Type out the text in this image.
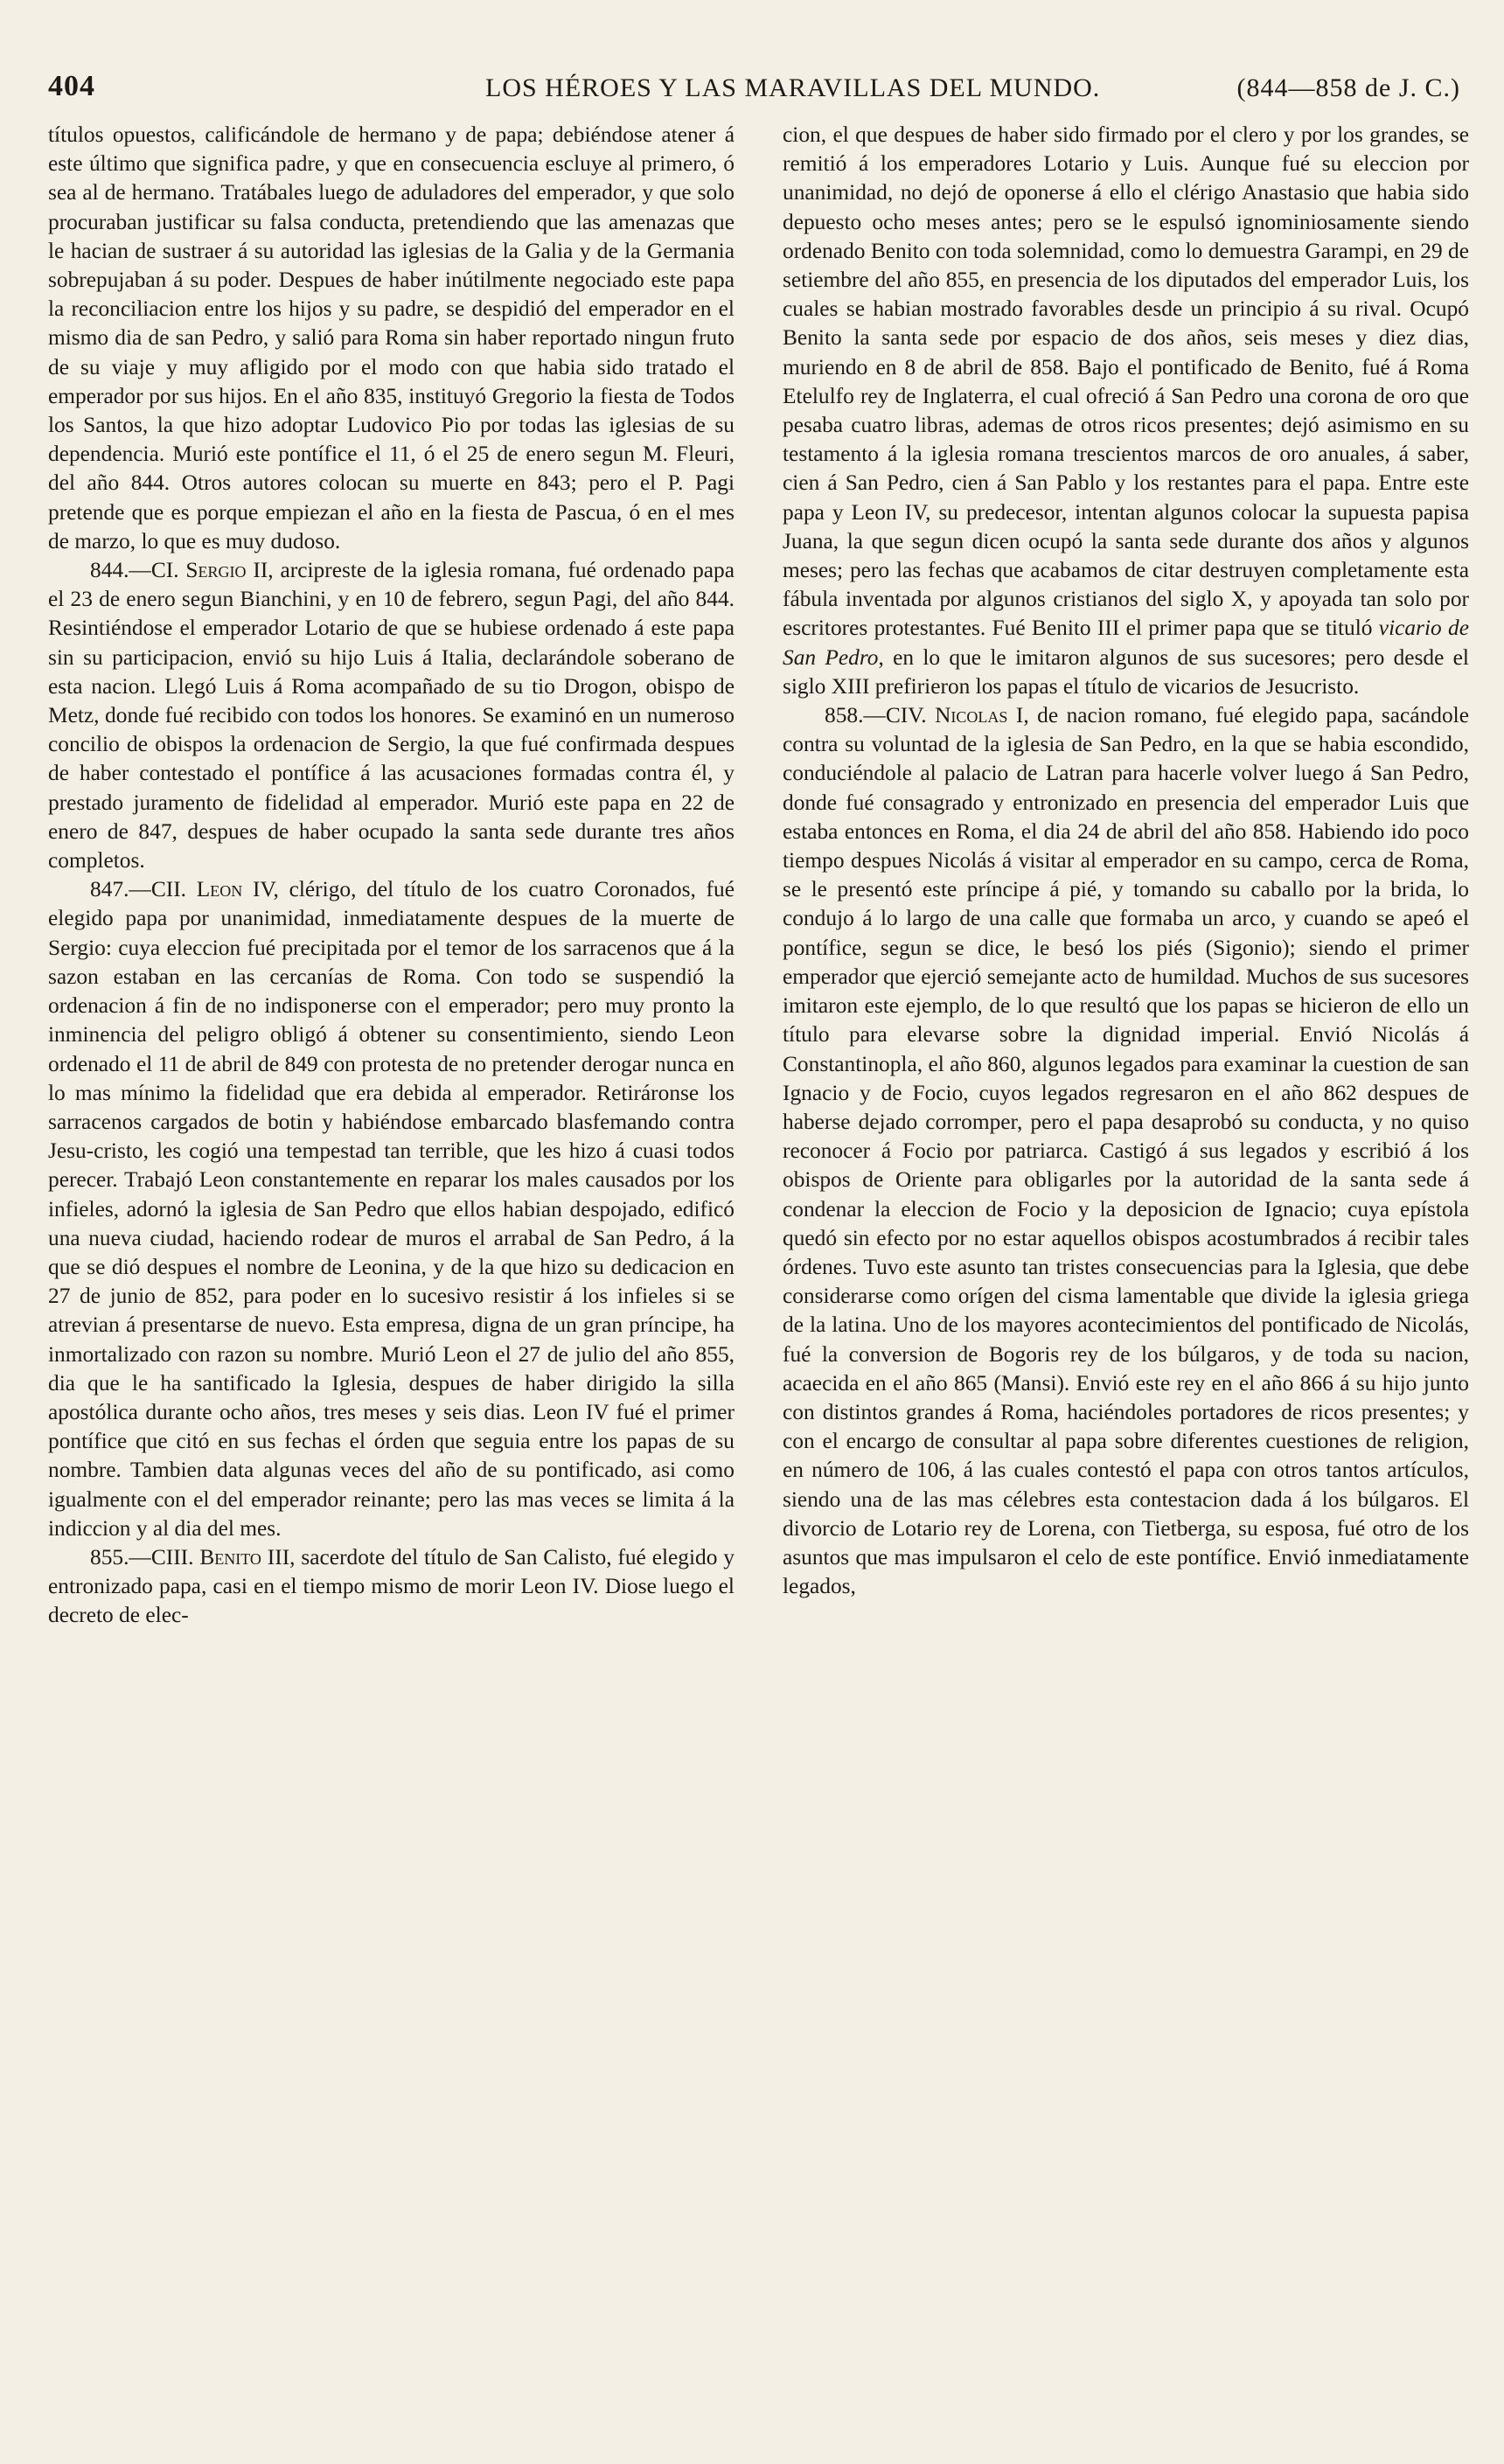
404	LOS HÉROES Y LAS MARAVILLAS DEL MUNDO.	(844—858 de J. C.)

títulos opuestos, calificándole de hermano y de papa; debiéndose atener á este último que significa padre, y que en consecuencia escluye al primero, ó sea al de hermano. Tratábales luego de aduladores del emperador, y que solo procuraban justificar su falsa conducta, pretendiendo que las amenazas que le hacian de sustraer á su autoridad las iglesias de la Galia y de la Germania sobrepujaban á su poder. Despues de haber inútilmente negociado este papa la reconciliacion entre los hijos y su padre, se despidió del emperador en el mismo dia de san Pedro, y salió para Roma sin haber reportado ningun fruto de su viaje y muy afligido por el modo con que habia sido tratado el emperador por sus hijos. En el año 835, instituyó Gregorio la fiesta de Todos los Santos, la que hizo adoptar Ludovico Pio por todas las iglesias de su dependencia. Murió este pontífice el 11, ó el 25 de enero segun M. Fleuri, del año 844. Otros autores colocan su muerte en 843; pero el P. Pagi pretende que es porque empiezan el año en la fiesta de Pascua, ó en el mes de marzo, lo que es muy dudoso.

844.—CI. Sergio II, arcipreste de la iglesia romana, fué ordenado papa el 23 de enero segun Bianchini, y en 10 de febrero, segun Pagi, del año 844. Resintiéndose el emperador Lotario de que se hubiese ordenado á este papa sin su participacion, envió su hijo Luis á Italia, declarándole soberano de esta nacion. Llegó Luis á Roma acompañado de su tio Drogon, obispo de Metz, donde fué recibido con todos los honores. Se examinó en un numeroso concilio de obispos la ordenacion de Sergio, la que fué confirmada despues de haber contestado el pontífice á las acusaciones formadas contra él, y prestado juramento de fidelidad al emperador. Murió este papa en 22 de enero de 847, despues de haber ocupado la santa sede durante tres años completos.

847.—CII. Leon IV, clérigo, del título de los cuatro Coronados, fué elegido papa por unanimidad, inmediatamente despues de la muerte de Sergio: cuya eleccion fué precipitada por el temor de los sarracenos que á la sazon estaban en las cercanías de Roma. Con todo se suspendió la ordenacion á fin de no indisponerse con el emperador; pero muy pronto la inminencia del peligro obligó á obtener su consentimiento, siendo Leon ordenado el 11 de abril de 849 con protesta de no pretender derogar nunca en lo mas mínimo la fidelidad que era debida al emperador. Retiráronse los sarracenos cargados de botin y habiéndose embarcado blasfemando contra Jesu-cristo, les cogió una tempestad tan terrible, que les hizo á cuasi todos perecer. Trabajó Leon constantemente en reparar los males causados por los infieles, adornó la iglesia de San Pedro que ellos habian despojado, edificó una nueva ciudad, haciendo rodear de muros el arrabal de San Pedro, á la que se dió despues el nombre de Leonina, y de la que hizo su dedicacion en 27 de junio de 852, para poder en lo sucesivo resistir á los infieles si se atrevian á presentarse de nuevo. Esta empresa, digna de un gran príncipe, ha inmortalizado con razon su nombre. Murió Leon el 27 de julio del año 855, dia que le ha santificado la Iglesia, despues de haber dirigido la silla apostólica durante ocho años, tres meses y seis dias. Leon IV fué el primer pontífice que citó en sus fechas el órden que seguia entre los papas de su nombre. Tambien data algunas veces del año de su pontificado, asi como igualmente con el del emperador reinante; pero las mas veces se limita á la indiccion y al dia del mes.

855.—CIII. Benito III, sacerdote del título de San Calisto, fué elegido y entronizado papa, casi en el tiempo mismo de morir Leon IV. Diose luego el decreto de elec-

cion, el que despues de haber sido firmado por el clero y por los grandes, se remitió á los emperadores Lotario y Luis. Aunque fué su eleccion por unanimidad, no dejó de oponerse á ello el clérigo Anastasio que habia sido depuesto ocho meses antes; pero se le espulsó ignominiosamente siendo ordenado Benito con toda solemnidad, como lo demuestra Garampi, en 29 de setiembre del año 855, en presencia de los diputados del emperador Luis, los cuales se habian mostrado favorables desde un principio á su rival. Ocupó Benito la santa sede por espacio de dos años, seis meses y diez dias, muriendo en 8 de abril de 858. Bajo el pontificado de Benito, fué á Roma Etelulfo rey de Inglaterra, el cual ofreció á San Pedro una corona de oro que pesaba cuatro libras, ademas de otros ricos presentes; dejó asimismo en su testamento á la iglesia romana trescientos marcos de oro anuales, á saber, cien á San Pedro, cien á San Pablo y los restantes para el papa. Entre este papa y Leon IV, su predecesor, intentan algunos colocar la supuesta papisa Juana, la que segun dicen ocupó la santa sede durante dos años y algunos meses; pero las fechas que acabamos de citar destruyen completamente esta fábula inventada por algunos cristianos del siglo X, y apoyada tan solo por escritores protestantes. Fué Benito III el primer papa que se tituló vicario de San Pedro, en lo que le imitaron algunos de sus sucesores; pero desde el siglo XIII prefirieron los papas el título de vicarios de Jesucristo.

858.—CIV. Nicolas I, de nacion romano, fué elegido papa, sacándole contra su voluntad de la iglesia de San Pedro, en la que se habia escondido, conduciéndole al palacio de Latran para hacerle volver luego á San Pedro, donde fué consagrado y entronizado en presencia del emperador Luis que estaba entonces en Roma, el dia 24 de abril del año 858. Habiendo ido poco tiempo despues Nicolás á visitar al emperador en su campo, cerca de Roma, se le presentó este príncipe á pié, y tomando su caballo por la brida, lo condujo á lo largo de una calle que formaba un arco, y cuando se apeó el pontífice, segun se dice, le besó los piés (Sigonio); siendo el primer emperador que ejerció semejante acto de humildad. Muchos de sus sucesores imitaron este ejemplo, de lo que resultó que los papas se hicieron de ello un título para elevarse sobre la dignidad imperial. Envió Nicolás á Constantinopla, el año 860, algunos legados para examinar la cuestion de san Ignacio y de Focio, cuyos legados regresaron en el año 862 despues de haberse dejado corromper, pero el papa desaprobó su conducta, y no quiso reconocer á Focio por patriarca. Castigó á sus legados y escribió á los obispos de Oriente para obligarles por la autoridad de la santa sede á condenar la eleccion de Focio y la deposicion de Ignacio; cuya epístola quedó sin efecto por no estar aquellos obispos acostumbrados á recibir tales órdenes. Tuvo este asunto tan tristes consecuencias para la Iglesia, que debe considerarse como orígen del cisma lamentable que divide la iglesia griega de la latina. Uno de los mayores acontecimientos del pontificado de Nicolás, fué la conversion de Bogoris rey de los búlgaros, y de toda su nacion, acaecida en el año 865 (Mansi). Envió este rey en el año 866 á su hijo junto con distintos grandes á Roma, haciéndoles portadores de ricos presentes; y con el encargo de consultar al papa sobre diferentes cuestiones de religion, en número de 106, á las cuales contestó el papa con otros tantos artículos, siendo una de las mas célebres esta contestacion dada á los búlgaros. El divorcio de Lotario rey de Lorena, con Tietberga, su esposa, fué otro de los asuntos que mas impulsaron el celo de este pontífice. Envió inmediatamente legados,
